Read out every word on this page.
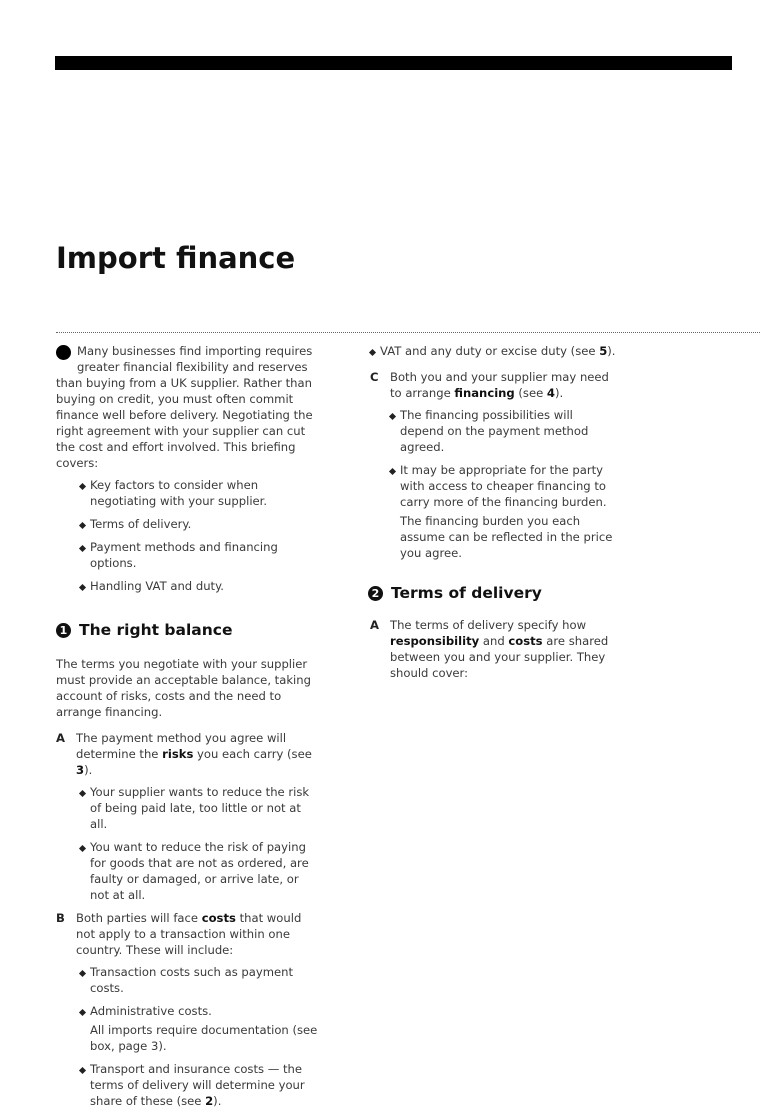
Import finance

Many businesses find importing requires greater financial flexibility and reserves than buying from a UK supplier. Rather than buying on credit, you must often commit finance well before delivery. Negotiating the right agreement with your supplier can cut the cost and effort involved. This briefing covers:

Key factors to consider when negotiating with your supplier.
Terms of delivery.
Payment methods and financing options.
Handling VAT and duty.
1 The right balance

The terms you negotiate with your supplier must provide an acceptable balance, taking account of risks, costs and the need to arrange financing.

A The payment method you agree will determine the risks you each carry (see 3).

Your supplier wants to reduce the risk of being paid late, too little or not at all.
You want to reduce the risk of paying for goods that are not as ordered, are faulty or damaged, or arrive late, or not at all.
B Both parties will face costs that would not apply to a transaction within one country. These will include:

Transaction costs such as payment costs.
Administrative costs.
All imports require documentation (see box, page 3).
Transport and insurance costs — the terms of delivery will determine your share of these (see 2).
VAT and any duty or excise duty (see 5).
C Both you and your supplier may need to arrange financing (see 4).

The financing possibilities will depend on the payment method agreed.
It may be appropriate for the party with access to cheaper financing to carry more of the financing burden.
The financing burden you each assume can be reflected in the price you agree.
2 Terms of delivery
A The terms of delivery specify how responsibility and costs are shared between you and your supplier. They should cover:
